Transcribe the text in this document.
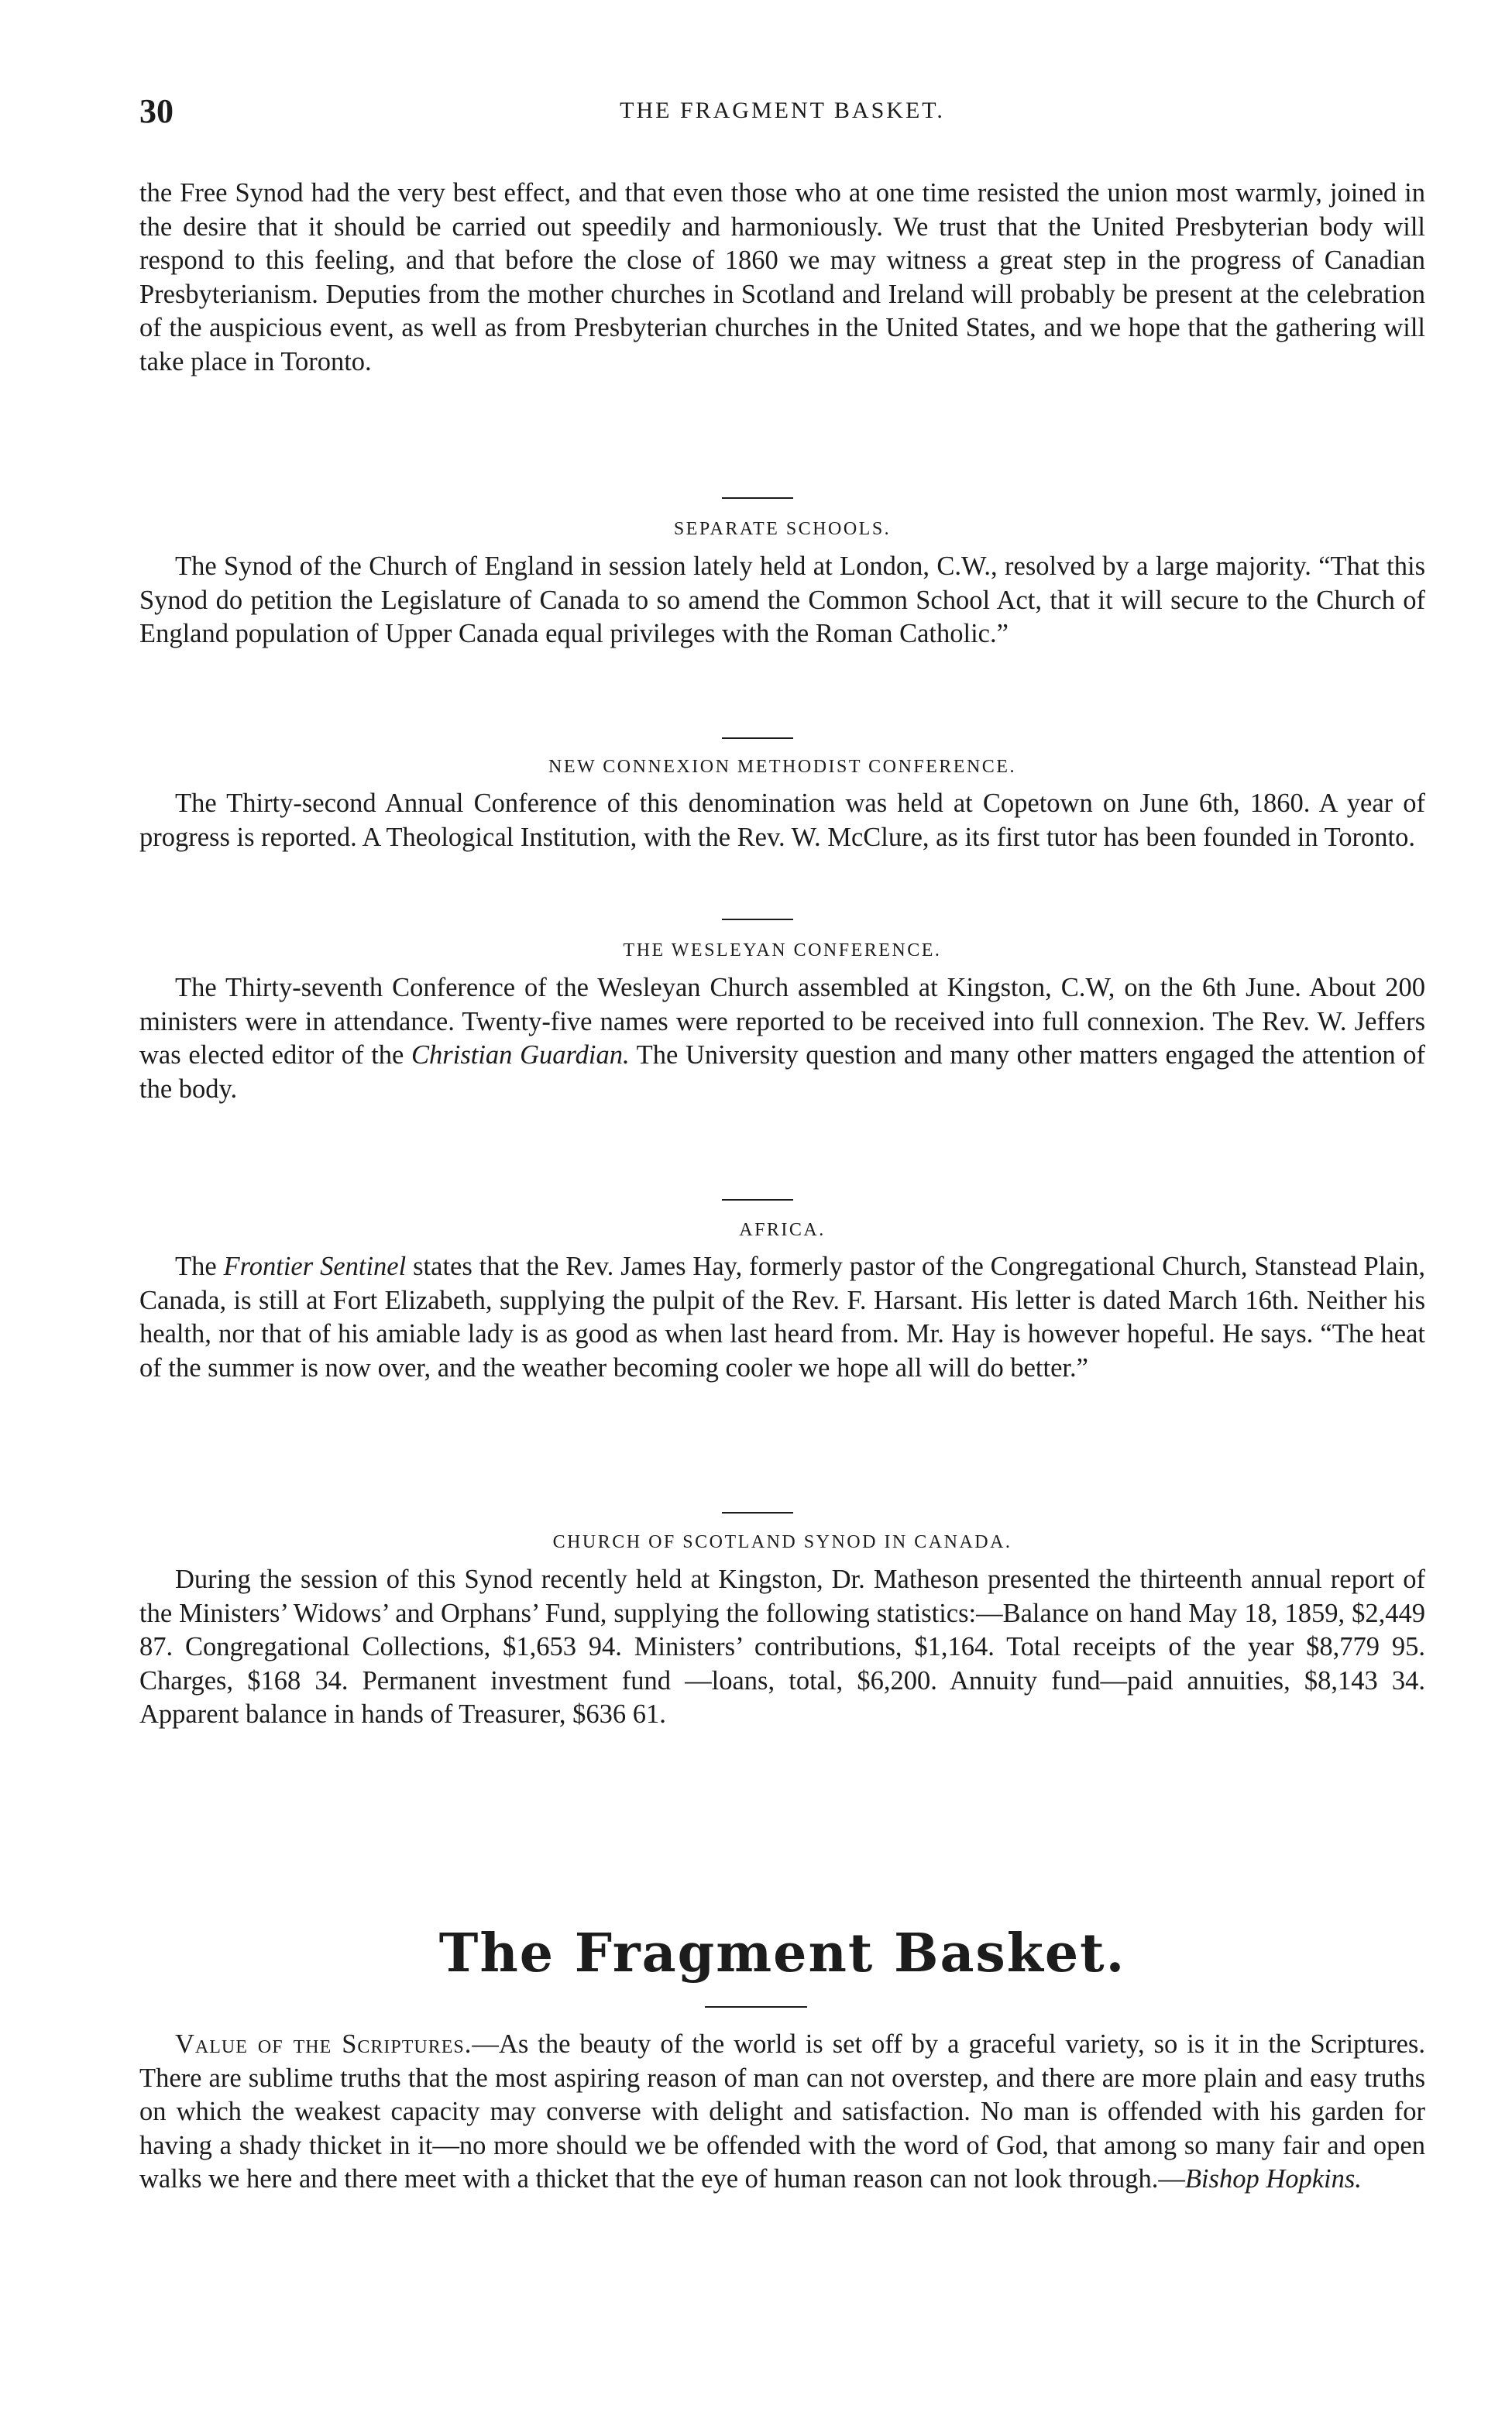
30	THE FRAGMENT BASKET.

the Free Synod had the very best effect, and that even those who at one time resisted the union most warmly, joined in the desire that it should be carried out speedily and harmoniously. We trust that the United Presbyterian body will respond to this feeling, and that before the close of 1860 we may witness a great step in the progress of Canadian Presbyterianism. Deputies from the mother churches in Scotland and Ireland will probably be present at the celebration of the auspicious event, as well as from Presbyterian churches in the United States, and we hope that the gathering will take place in Toronto.

SEPARATE SCHOOLS.

The Synod of the Church of England in session lately held at London, C.W., resolved by a large majority. “That this Synod do petition the Legislature of Canada to so amend the Common School Act, that it will secure to the Church of England population of Upper Canada equal privileges with the Roman Catholic.”

NEW CONNEXION METHODIST CONFERENCE.

The Thirty-second Annual Conference of this denomination was held at Copetown on June 6th, 1860. A year of progress is reported. A Theological Institution, with the Rev. W. McClure, as its first tutor has been founded in Toronto.

THE WESLEYAN CONFERENCE.

The Thirty-seventh Conference of the Wesleyan Church assembled at Kingston, C.W, on the 6th June. About 200 ministers were in attendance. Twenty-five names were reported to be received into full connexion. The Rev. W. Jeffers was elected editor of the Christian Guardian. The University question and many other matters engaged the attention of the body.

AFRICA.

The Frontier Sentinel states that the Rev. James Hay, formerly pastor of the Congregational Church, Stanstead Plain, Canada, is still at Fort Elizabeth, supplying the pulpit of the Rev. F. Harsant. His letter is dated March 16th. Neither his health, nor that of his amiable lady is as good as when last heard from. Mr. Hay is however hopeful. He says. “The heat of the summer is now over, and the weather becoming cooler we hope all will do better.”

CHURCH OF SCOTLAND SYNOD IN CANADA.

During the session of this Synod recently held at Kingston, Dr. Matheson presented the thirteenth annual report of the Ministers’ Widows’ and Orphans’ Fund, supplying the following statistics:—Balance on hand May 18, 1859, $2,449 87. Congregational Collections, $1,653 94. Ministers’ contributions, $1,164. Total receipts of the year $8,779 95. Charges, $168 34. Permanent investment fund —loans, total, $6,200. Annuity fund—paid annuities, $8,143 34. Apparent balance in hands of Treasurer, $636 61.

The Fragment Basket.

Value of the Scriptures.—As the beauty of the world is set off by a graceful variety, so is it in the Scriptures. There are sublime truths that the most aspiring reason of man can not overstep, and there are more plain and easy truths on which the weakest capacity may converse with delight and satisfaction. No man is offended with his garden for having a shady thicket in it—no more should we be offended with the word of God, that among so many fair and open walks we here and there meet with a thicket that the eye of human reason can not look through.—Bishop Hopkins.
